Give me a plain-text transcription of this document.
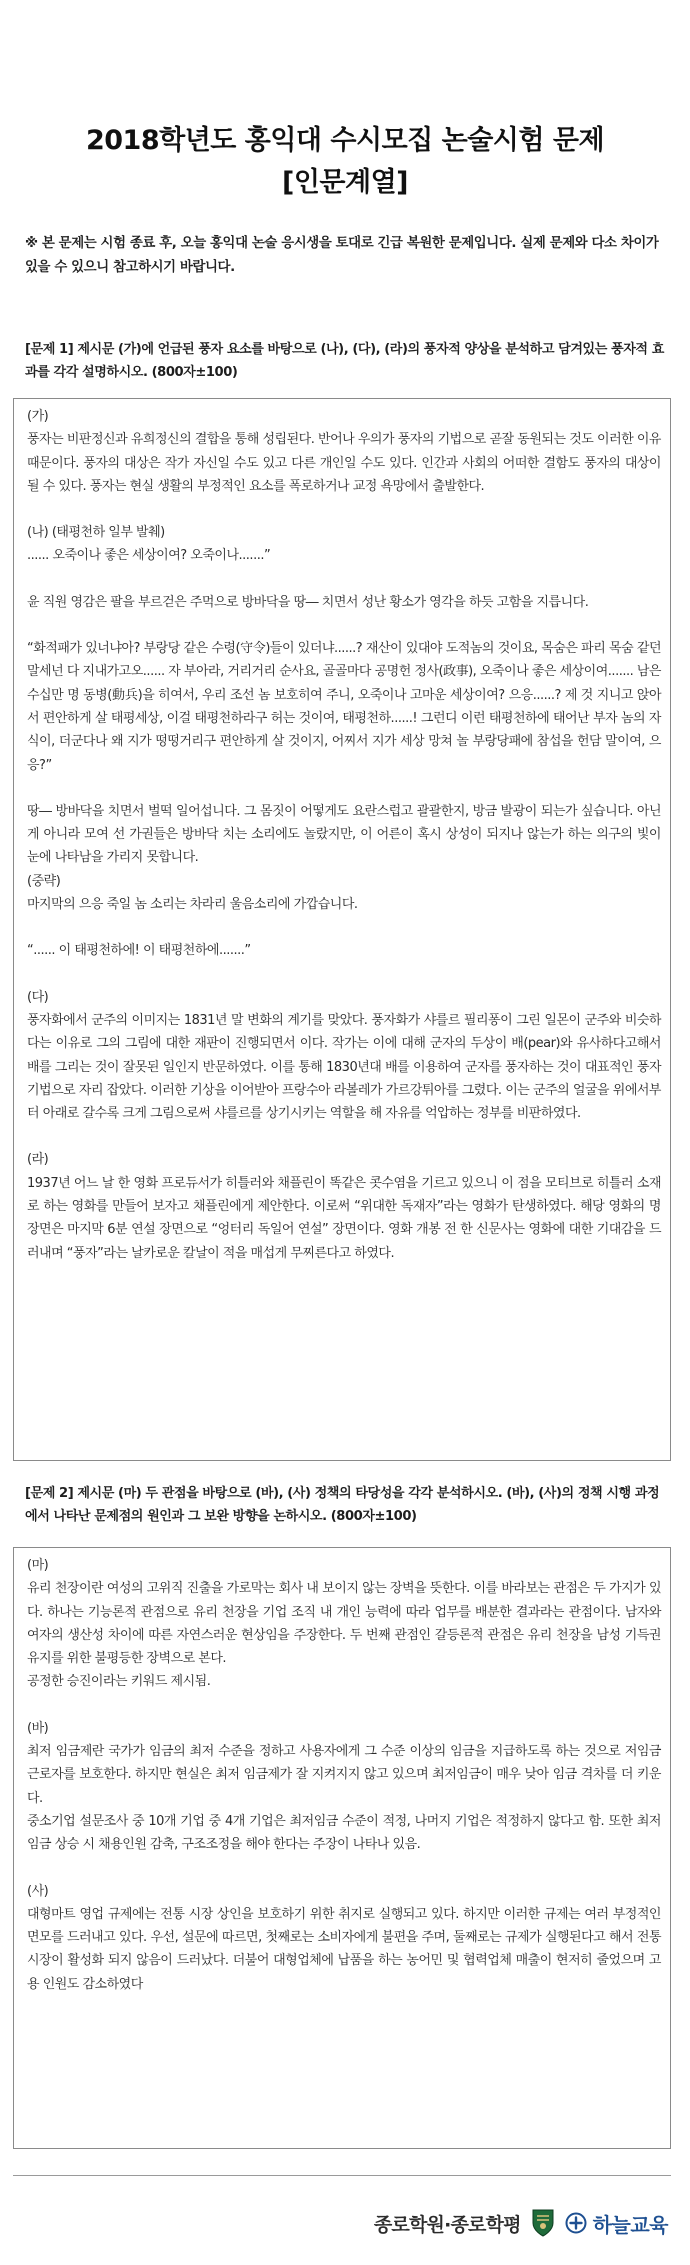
2018학년도 홍익대 수시모집 논술시험 문제
[인문계열]
※ 본 문제는 시험 종료 후, 오늘 홍익대 논술 응시생을 토대로 긴급 복원한 문제입니다. 실제 문제와 다소 차이가 있을 수 있으니 참고하시기 바랍니다.
[문제 1] 제시문 (가)에 언급된 풍자 요소를 바탕으로 (나), (다), (라)의 풍자적 양상을 분석하고 담겨있는 풍자적 효과를 각각 설명하시오. (800자±100)

(가)

풍자는 비판정신과 유희정신의 결합을 통해 성립된다. 반어나 우의가 풍자의 기법으로 곧잘 동원되는 것도 이러한 이유 때문이다. 풍자의 대상은 작가 자신일 수도 있고 다른 개인일 수도 있다. 인간과 사회의 어떠한 결함도 풍자의 대상이 될 수 있다. 풍자는 현실 생활의 부정적인 요소를 폭로하거나 교정 욕망에서 출발한다.

(나) (태평천하 일부 발췌)

...... 오죽이나 좋은 세상이여? 오죽이나.......”

윤 직원 영감은 팔을 부르걷은 주먹으로 방바닥을 땅― 치면서 성난 황소가 영각을 하듯 고함을 지릅니다.

“화적패가 있너냐아? 부랑당 같은 수령(守令)들이 있더냐......? 재산이 있대야 도적놈의 것이요, 목숨은 파리 목숨 같던 말세넌 다 지내가고오...... 자 부아라, 거리거리 순사요, 골골마다 공명헌 정사(政事), 오죽이나 좋은 세상이여....... 남은 수십만 명 동병(動兵)을 히여서, 우리 조선 놈 보호히여 주니, 오죽이나 고마운 세상이여? 으응......? 제 것 지니고 앉아서 편안하게 살 태평세상, 이걸 태평천하라구 허는 것이여, 태평천하......! 그런디 이런 태평천하에 태어난 부자 놈의 자식이, 더군다나 왜 지가 떵떵거리구 편안하게 살 것이지, 어찌서 지가 세상 망쳐 놀 부랑당패에 참섭을 헌담 말이여, 으응?”

땅― 방바닥을 치면서 벌떡 일어섭니다. 그 몸짓이 어떻게도 요란스럽고 괄괄한지, 방금 발광이 되는가 싶습니다. 아닌 게 아니라 모여 선 가권들은 방바닥 치는 소리에도 놀랐지만, 이 어른이 혹시 상성이 되지나 않는가 하는 의구의 빛이 눈에 나타남을 가리지 못합니다.

(중략)

마지막의 으응 죽일 놈 소리는 차라리 울음소리에 가깝습니다.

“...... 이 태평천하에! 이 태평천하에.......”

(다)

풍자화에서 군주의 이미지는 1831년 말 변화의 계기를 맞았다. 풍자화가 샤를르 필리퐁이 그린 일몬이 군주와 비슷하다는 이유로 그의 그림에 대한 재판이 진행되면서 이다. 작가는 이에 대해 군자의 두상이 배(pear)와 유사하다고해서 배를 그리는 것이 잘못된 일인지 반문하였다. 이를 통해 1830년대 배를 이용하여 군자를 풍자하는 것이 대표적인 풍자 기법으로 자리 잡았다. 이러한 기상을 이어받아 프랑수아 라볼레가 가르강튀아를 그렸다. 이는 군주의 얼굴을 위에서부터 아래로 갈수록 크게 그림으로써 샤를르를 상기시키는 역할을 해 자유를 억압하는 정부를 비판하였다.

(라)

1937년 어느 날 한 영화 프로듀서가 히틀러와 채플린이 똑같은 콧수염을 기르고 있으니 이 점을 모티브로 히틀러 소재로 하는 영화를 만들어 보자고 채플린에게 제안한다. 이로써 “위대한 독재자”라는 영화가 탄생하였다. 해당 영화의 명장면은 마지막 6분 연설 장면으로 “엉터리 독일어 연설” 장면이다. 영화 개봉 전 한 신문사는 영화에 대한 기대감을 드러내며 “풍자”라는 날카로운 칼날이 적을 매섭게 무찌른다고 하였다.

[문제 2] 제시문 (마) 두 관점을 바탕으로 (바), (사) 정책의 타당성을 각각 분석하시오. (바), (사)의 정책 시행 과정에서 나타난 문제점의 원인과 그 보완 방향을 논하시오. (800자±100)

(마)

유리 천장이란 여성의 고위직 진출을 가로막는 회사 내 보이지 않는 장벽을 뜻한다. 이를 바라보는 관점은 두 가지가 있다. 하나는 기능론적 관점으로 유리 천장을 기업 조직 내 개인 능력에 따라 업무를 배분한 결과라는 관점이다. 남자와 여자의 생산성 차이에 따른 자연스러운 현상임을 주장한다. 두 번째 관점인 갈등론적 관점은 유리 천장을 남성 기득권 유지를 위한 불평등한 장벽으로 본다.

공정한 승진이라는 키워드 제시됨.

(바)

최저 임금제란 국가가 임금의 최저 수준을 정하고 사용자에게 그 수준 이상의 임금을 지급하도록 하는 것으로 저임금 근로자를 보호한다. 하지만 현실은 최저 임금제가 잘 지켜지지 않고 있으며 최저임금이 매우 낮아 임금 격차를 더 키운다.

중소기업 설문조사 중 10개 기업 중 4개 기업은 최저임금 수준이 적정, 나머지 기업은 적정하지 않다고 함. 또한 최저임금 상승 시 채용인원 감축, 구조조정을 해야 한다는 주장이 나타나 있음.

(사)

대형마트 영업 규제에는 전통 시장 상인을 보호하기 위한 취지로 실행되고 있다. 하지만 이러한 규제는 여러 부정적인 면모를 드러내고 있다. 우선, 설문에 따르면, 첫째로는 소비자에게 불편을 주며, 둘째로는 규제가 실행된다고 해서 전통시장이 활성화 되지 않음이 드러났다. 더불어 대형업체에 납품을 하는 농어민 및 협력업체 매출이 현저히 줄었으며 고용 인원도 감소하였다

종로학원·종로학평	하늘교육
